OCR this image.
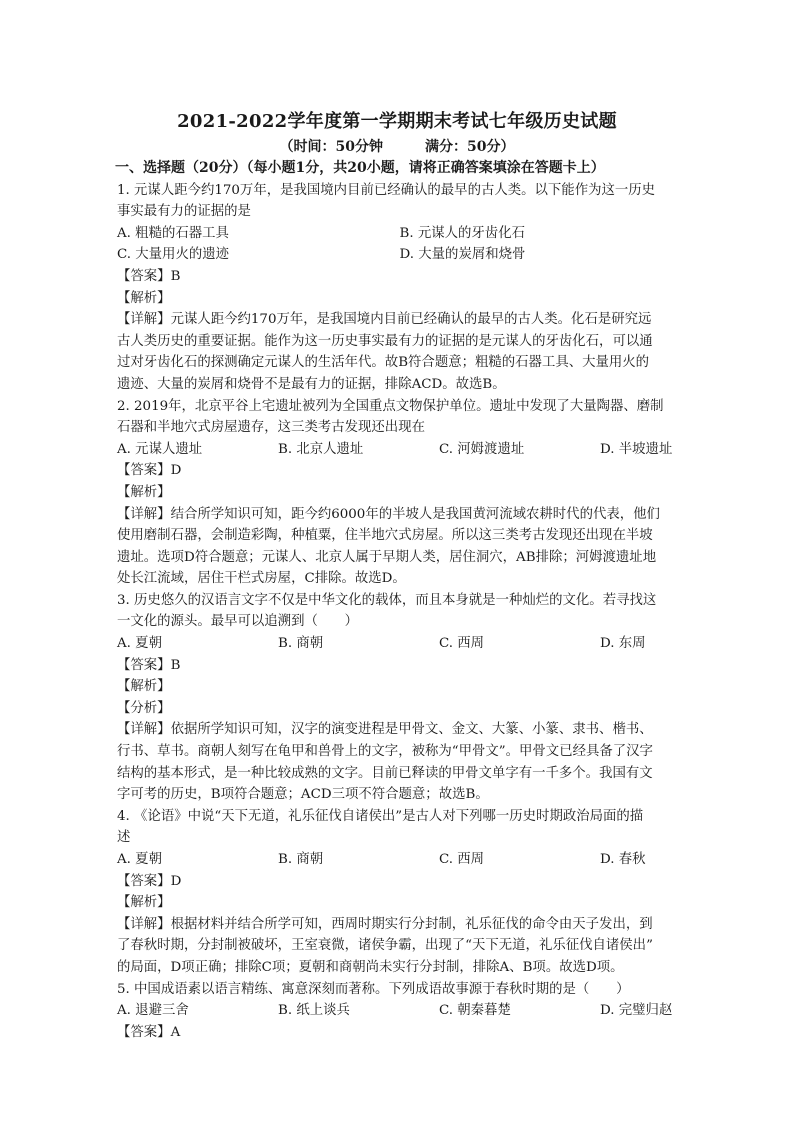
2021-2022学年度第一学期期末考试七年级历史试题
（时间：50分钟	满分：50分）
一、选择题（20分）（每小题1分，共20小题，请将正确答案填涂在答题卡上）
1. 元谋人距今约170万年，是我国境内目前已经确认的最早的古人类。以下能作为这一历史
事实最有力的证据的是
A. 粗糙的石器工具	B. 元谋人的牙齿化石
C. 大量用火的遗迹	D. 大量的炭屑和烧骨
【答案】B
【解析】
【详解】元谋人距今约170万年，是我国境内目前已经确认的最早的古人类。化石是研究远
古人类历史的重要证据。能作为这一历史事实最有力的证据的是元谋人的牙齿化石，可以通
过对牙齿化石的探测确定元谋人的生活年代。故B符合题意；粗糙的石器工具、大量用火的
遗迹、大量的炭屑和烧骨不是最有力的证据，排除ACD。故选B。
2. 2019年，北京平谷上宅遗址被列为全国重点文物保护单位。遗址中发现了大量陶器、磨制
石器和半地穴式房屋遗存，这三类考古发现还出现在
A. 元谋人遗址	B. 北京人遗址	C. 河姆渡遗址	D. 半坡遗址
【答案】D
【解析】
【详解】结合所学知识可知，距今约6000年的半坡人是我国黄河流域农耕时代的代表，他们
使用磨制石器，会制造彩陶，种植粟，住半地穴式房屋。所以这三类考古发现还出现在半坡
遗址。选项D符合题意；元谋人、北京人属于早期人类，居住洞穴，AB排除；河姆渡遗址地
处长江流域，居住干栏式房屋，C排除。故选D。
3. 历史悠久的汉语言文字不仅是中华文化的载体，而且本身就是一种灿烂的文化。若寻找这
一文化的源头。最早可以追溯到（　　）
A. 夏朝	B. 商朝	C. 西周	D. 东周
【答案】B
【解析】
【分析】
【详解】依据所学知识可知，汉字的演变进程是甲骨文、金文、大篆、小篆、隶书、楷书、
行书、草书。商朝人刻写在龟甲和兽骨上的文字，被称为“甲骨文”。甲骨文已经具备了汉字
结构的基本形式，是一种比较成熟的文字。目前已释读的甲骨文单字有一千多个。我国有文
字可考的历史，B项符合题意；ACD三项不符合题意；故选B。
4. 《论语》中说“天下无道，礼乐征伐自诸侯出”是古人对下列哪一历史时期政治局面的描
述
A. 夏朝	B. 商朝	C. 西周	D. 春秋
【答案】D
【解析】
【详解】根据材料并结合所学可知，西周时期实行分封制，礼乐征伐的命令由天子发出，到
了春秋时期，分封制被破坏，王室衰微，诸侯争霸，出现了“天下无道，礼乐征伐自诸侯出”
的局面，D项正确；排除C项；夏朝和商朝尚未实行分封制，排除A、B项。故选D项。
5. 中国成语素以语言精练、寓意深刻而著称。下列成语故事源于春秋时期的是（　　）
A. 退避三舍	B. 纸上谈兵	C. 朝秦暮楚	D. 完璧归赵
【答案】A
